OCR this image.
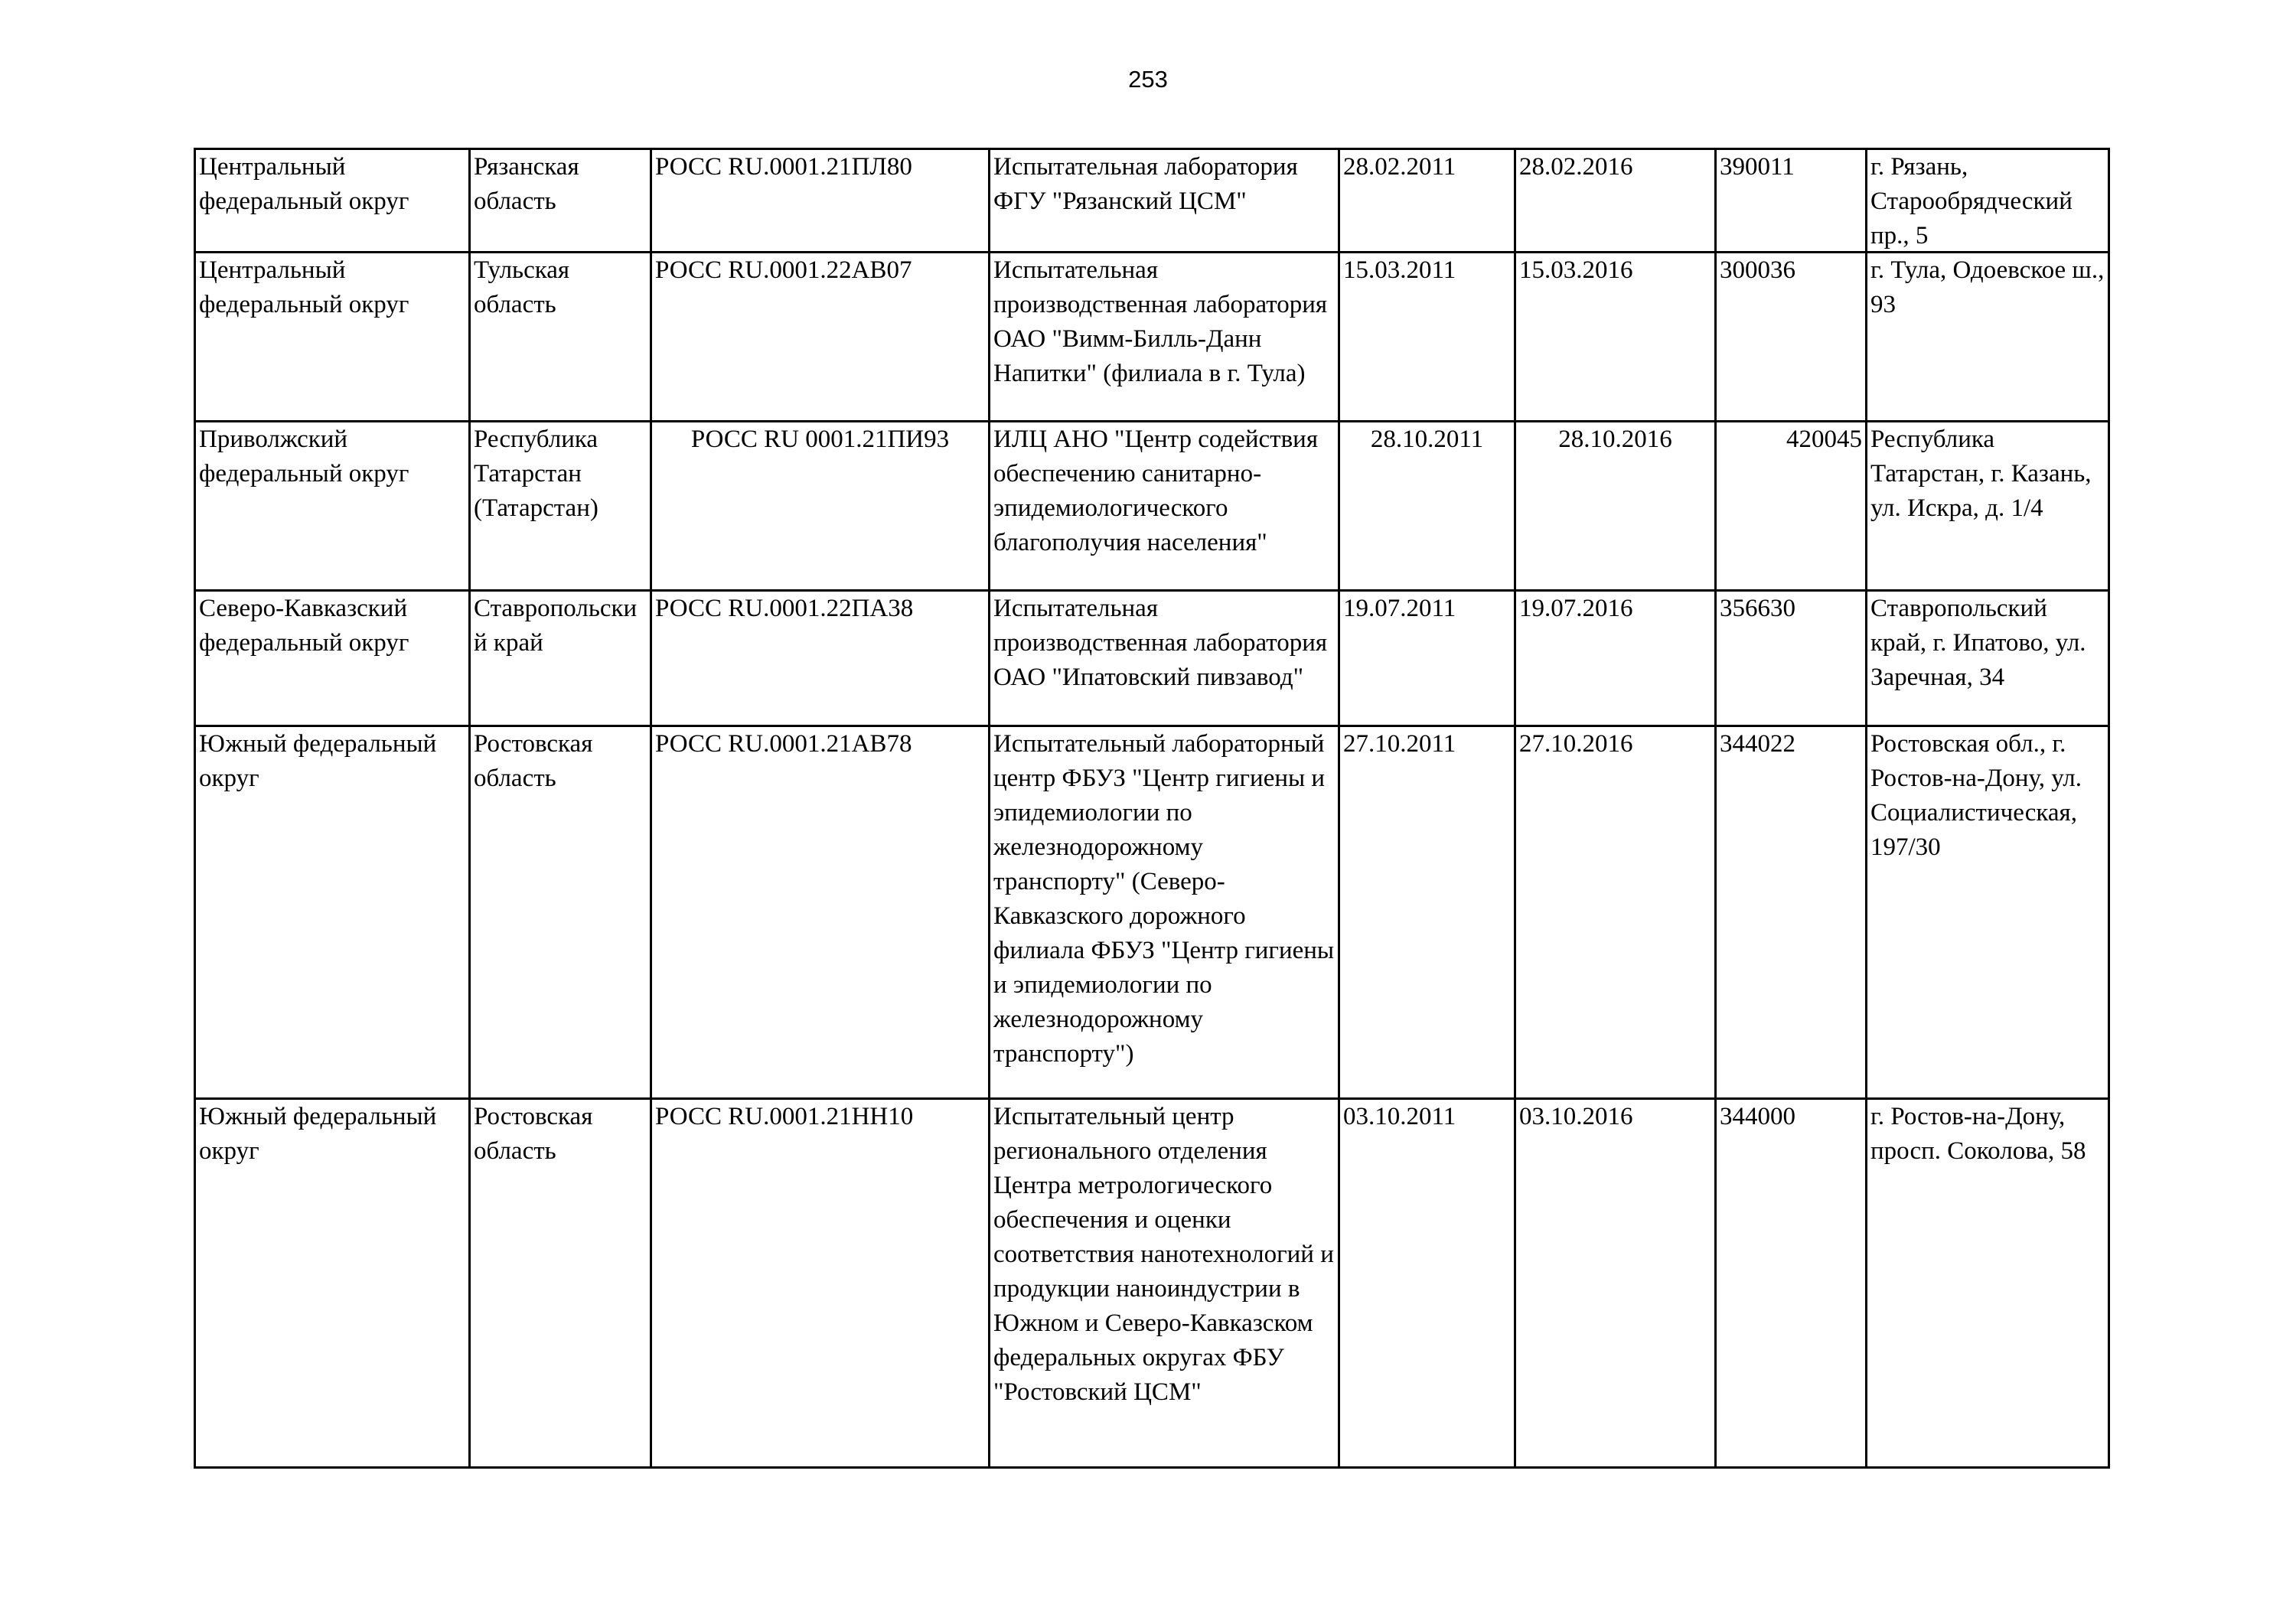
253
Центральный федеральный округ	Рязанская область	РОСС RU.0001.21ПЛ80	Испытательная лаборатория ФГУ "Рязанский ЦСМ"	28.02.2011	28.02.2016	390011	г. Рязань, Старообрядческий пр., 5

Центральный федеральный округ	Тульская область	РОСС RU.0001.22АВ07	Испытательная производственная лаборатория ОАО "Вимм-Билль-Данн Напитки" (филиала в г. Тула)	15.03.2011	15.03.2016	300036	г. Тула, Одоевское ш., 93

Приволжский федеральный округ	Республика Татарстан (Татарстан)	РОСС RU 0001.21ПИ93	ИЛЦ АНО "Центр содействия обеспечению санитарно-эпидемиологического благополучия населения"	28.10.2011	28.10.2016	420045	Республика Татарстан, г. Казань, ул. Искра, д. 1/4

Северо-Кавказский федеральный округ	Ставропольский край	РОСС RU.0001.22ПА38	Испытательная производственная лаборатория ОАО "Ипатовский пивзавод"	19.07.2011	19.07.2016	356630	Ставропольский край, г. Ипатово, ул. Заречная, 34

Южный федеральный округ	Ростовская область	РОСС RU.0001.21АВ78	Испытательный лабораторный центр ФБУЗ "Центр гигиены и эпидемиологии по железнодорожному транспорту" (Северо-Кавказского дорожного филиала ФБУЗ "Центр гигиены и эпидемиологии по железнодорожному транспорту")	27.10.2011	27.10.2016	344022	Ростовская обл., г. Ростов-на-Дону, ул. Социалистическая, 197/30

Южный федеральный округ	Ростовская область	РОСС RU.0001.21НН10	Испытательный центр регионального отделения Центра метрологического обеспечения и оценки соответствия нанотехнологий и продукции наноиндустрии в Южном и Северо-Кавказском федеральных округах ФБУ "Ростовский ЦСМ"	03.10.2011	03.10.2016	344000	г. Ростов-на-Дону, просп. Соколова, 58
